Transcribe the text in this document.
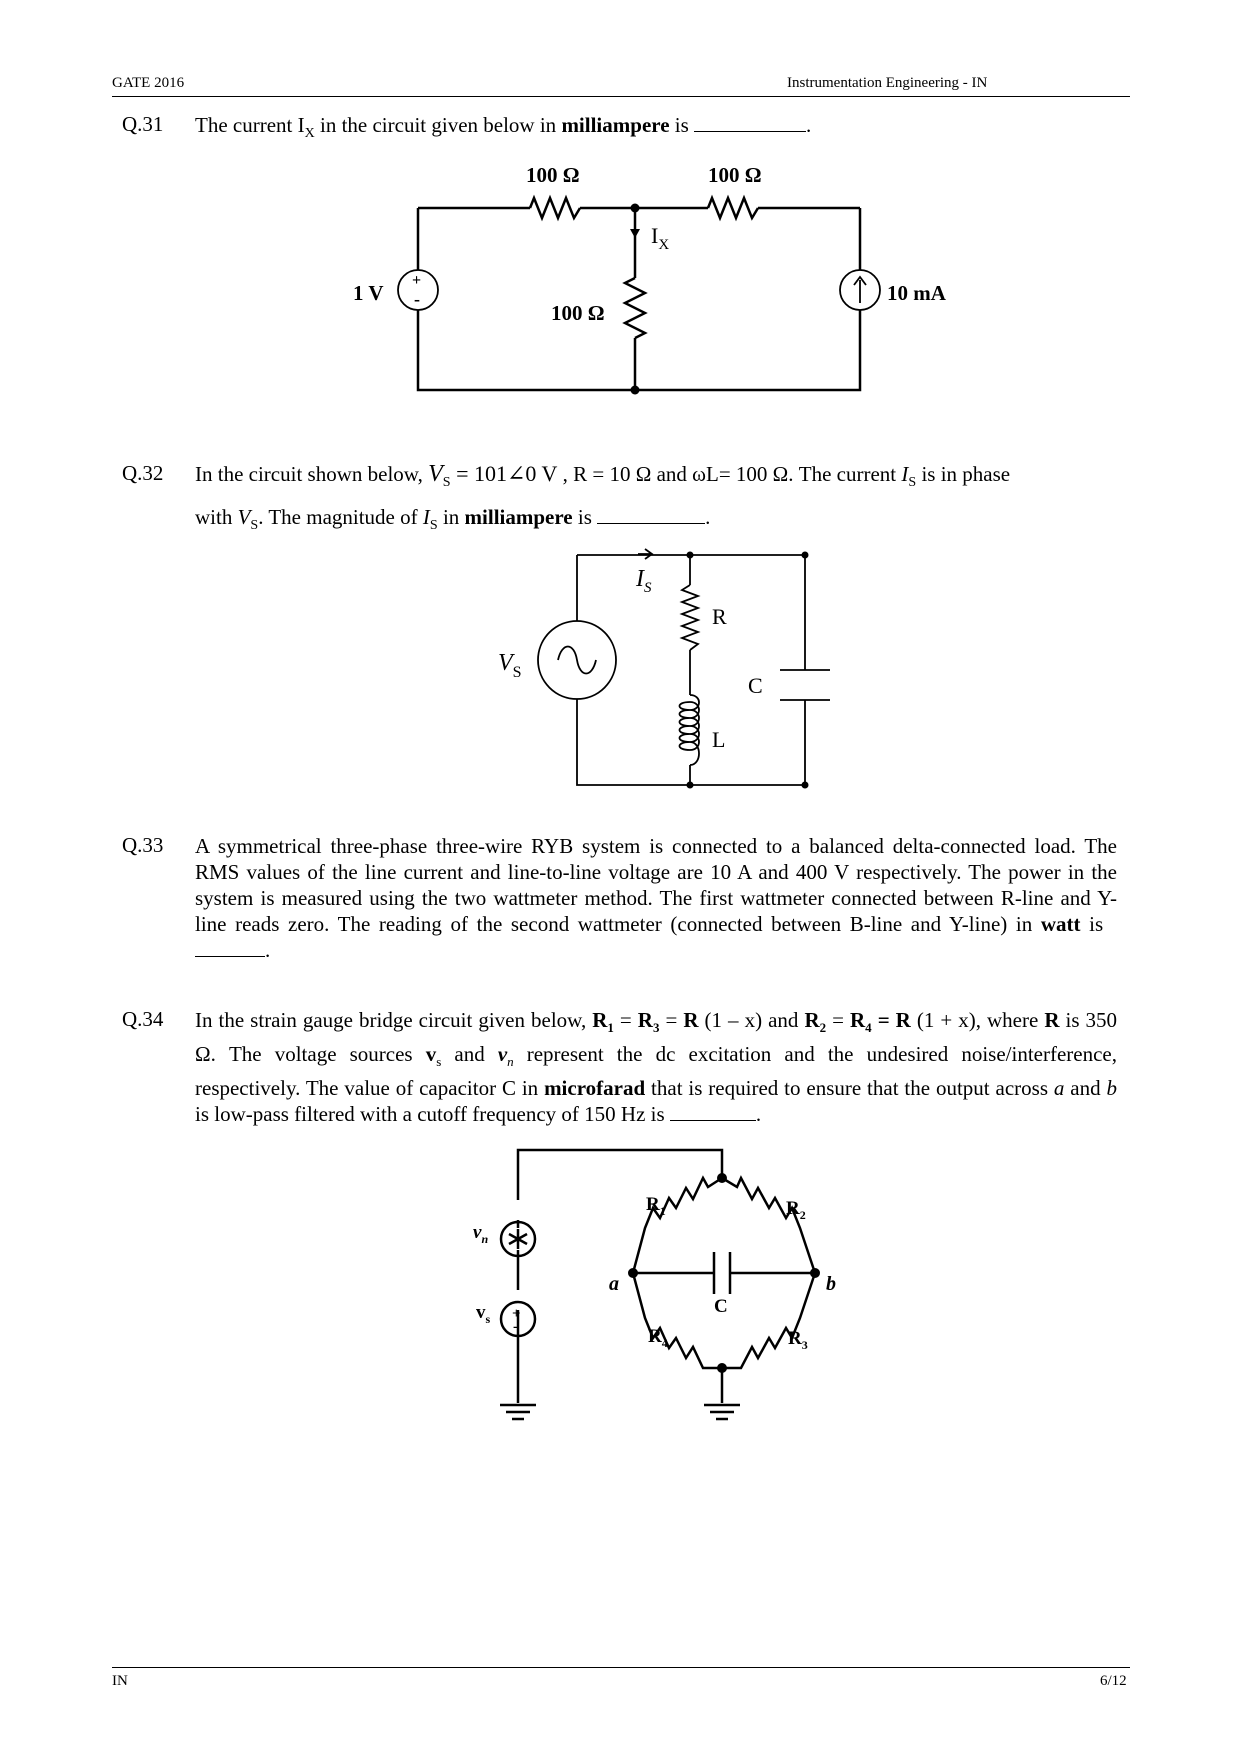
GATE 2016	Instrumentation Engineering - IN
Q.31 The current $I_X$ in the circuit given below in milliampere is	.
+
-
100 Ω	100 Ω
100 Ω
1 V	10 mA
$I_X$
Q.32 In the circuit shown below, $V_S$ = 101∠0 V , R = 10 Ω and ωL= 100 Ω. The current $I_S$ is in phase
with $V_S$. The magnitude of $I_S$ in milliampere is	.
$I_S$
R
C
L
$V_S$
Q.33 A symmetrical three-phase three-wire RYB system is connected to a balanced delta-connected load. The RMS values of the line current and line-to-line voltage are 10 A and 400 V respectively. The power in the system is measured using the two wattmeter method. The first wattmeter connected between R-line and Y-line reads zero. The reading of the second wattmeter (connected between B-line and Y-line) in watt is  .
Q.34 In the strain gauge bridge circuit given below, $R_1 = R_3 = R$ (1 – x) and $R_2 = R_4 = R$ (1 + x), where R is 350 Ω. The voltage sources $v_s$ and $v_n$ represent the dc excitation and the undesired noise/interference, respectively. The value of capacitor C in microfarad that is required to ensure that the output across a and b is low-pass filtered with a cutoff frequency of 150 Hz is	.
+
-
$R_1$	$R_2$
$R_3$
$R_4$
C
a	b
$v_n$
$v_s$
IN	6/12
